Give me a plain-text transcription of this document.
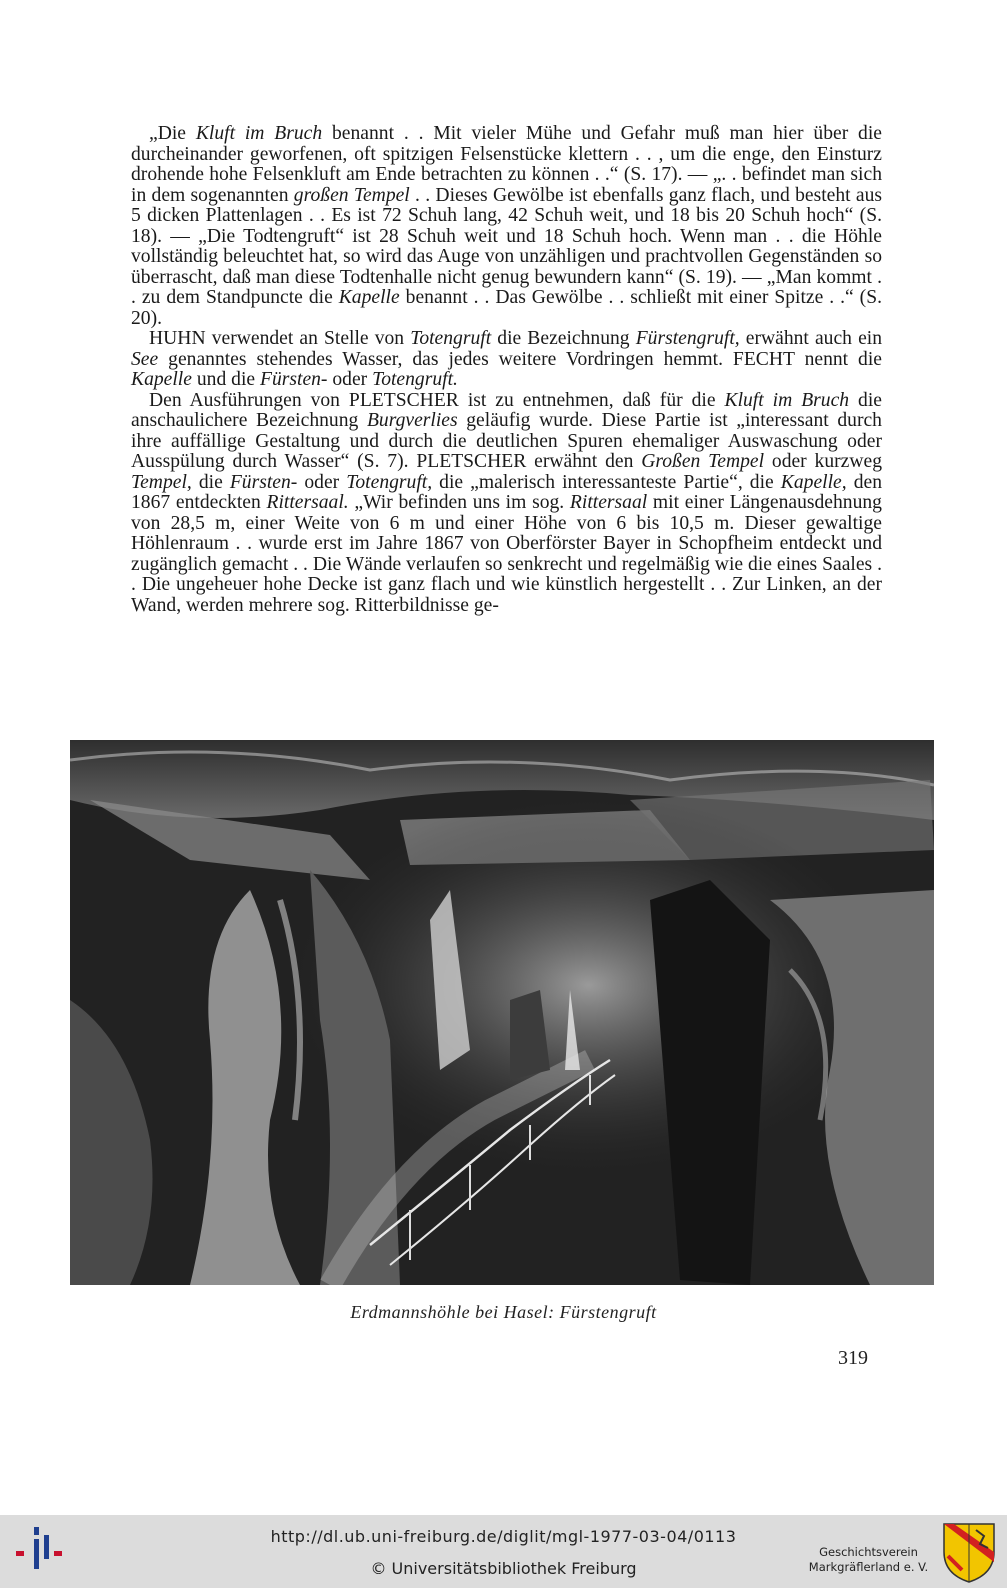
„Die Kluft im Bruch benannt . . Mit vieler Mühe und Gefahr muß man hier über die durcheinander geworfenen, oft spitzigen Felsenstücke klettern . . , um die enge, den Einsturz drohende hohe Felsenkluft am Ende betrachten zu können . .“ (S. 17). — „. . befindet man sich in dem sogenannten großen Tempel . . Dieses Gewölbe ist ebenfalls ganz flach, und besteht aus 5 dicken Plattenlagen . . Es ist 72 Schuh lang, 42 Schuh weit, und 18 bis 20 Schuh hoch“ (S. 18). — „Die Todtengruft“ ist 28 Schuh weit und 18 Schuh hoch. Wenn man . . die Höhle vollständig beleuchtet hat, so wird das Auge von unzähligen und prachtvollen Gegenständen so überrascht, daß man diese Todtenhalle nicht genug bewundern kann“ (S. 19). — „Man kommt . . zu dem Standpuncte die Kapelle benannt . . Das Gewölbe . . schließt mit einer Spitze . .“ (S. 20).

HUHN verwendet an Stelle von Totengruft die Bezeichnung Fürstengruft, erwähnt auch ein See genanntes stehendes Wasser, das jedes weitere Vordringen hemmt. FECHT nennt die Kapelle und die Fürsten- oder Totengruft.

Den Ausführungen von PLETSCHER ist zu entnehmen, daß für die Kluft im Bruch die anschaulichere Bezeichnung Burgverlies geläufig wurde. Diese Partie ist „interessant durch ihre auffällige Gestaltung und durch die deutlichen Spuren ehemaliger Auswaschung oder Ausspülung durch Wasser“ (S. 7). PLETSCHER erwähnt den Großen Tempel oder kurzweg Tempel, die Fürsten- oder Totengruft, die „malerisch interessanteste Partie“, die Kapelle, den 1867 entdeckten Rittersaal. „Wir befinden uns im sog. Rittersaal mit einer Längenausdehnung von 28,5 m, einer Weite von 6 m und einer Höhe von 6 bis 10,5 m. Dieser gewaltige Höhlenraum . . wurde erst im Jahre 1867 von Oberförster Bayer in Schopfheim entdeckt und zugänglich gemacht . . Die Wände verlaufen so senkrecht und regelmäßig wie die eines Saales . . Die ungeheuer hohe Decke ist ganz flach und wie künstlich hergestellt . . Zur Linken, an der Wand, werden mehrere sog. Ritterbildnisse ge-

Erdmannshöhle bei Hasel: Fürstengruft
319
http://dl.ub.uni-freiburg.de/diglit/mgl-1977-03-04/0113
© Universitätsbibliothek Freiburg
Geschichtsverein
Markgräflerland e. V.
